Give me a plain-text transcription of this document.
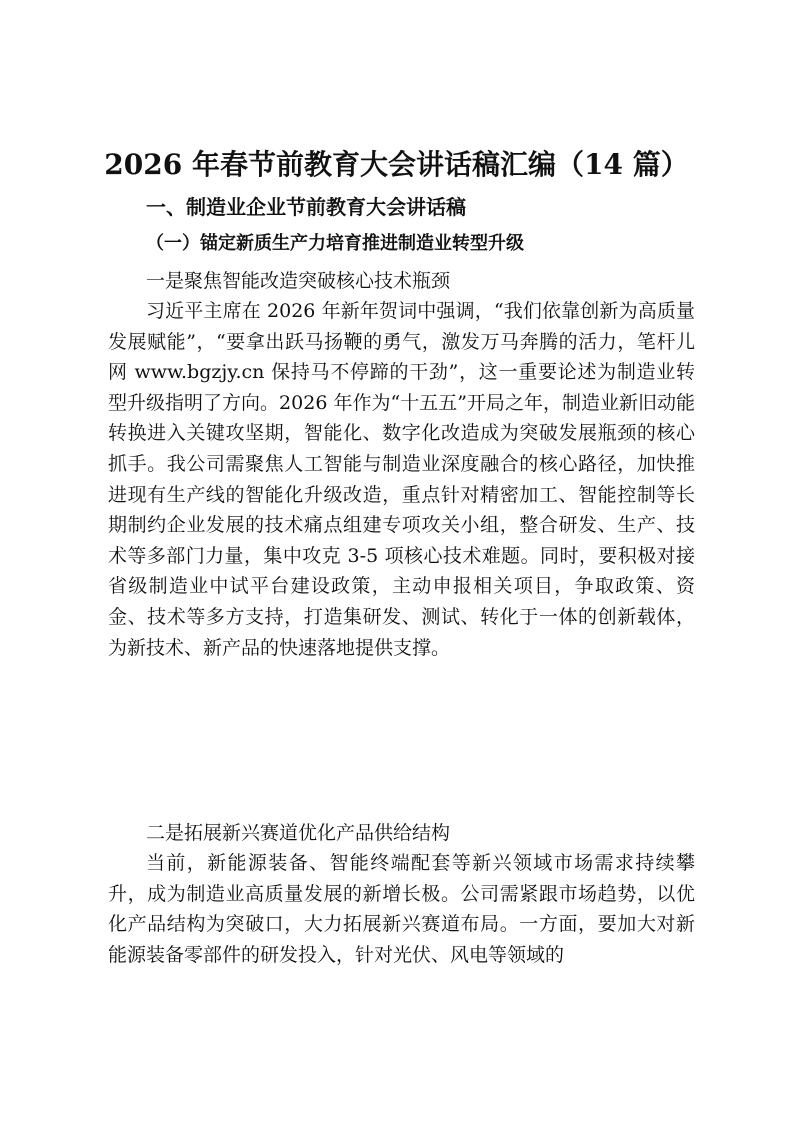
2026 年春节前教育大会讲话稿汇编（14 篇）
一、制造业企业节前教育大会讲话稿
（一）锚定新质生产力培育推进制造业转型升级
一是聚焦智能改造突破核心技术瓶颈
习近平主席在 2026 年新年贺词中强调，“我们依靠创新为高质量发展赋能”，“要拿出跃马扬鞭的勇气，激发万马奔腾的活力，笔杆儿网 www.bgzjy.cn 保持马不停蹄的干劲”，这一重要论述为制造业转型升级指明了方向。2026 年作为“十五五”开局之年，制造业新旧动能转换进入关键攻坚期，智能化、数字化改造成为突破发展瓶颈的核心抓手。我公司需聚焦人工智能与制造业深度融合的核心路径，加快推进现有生产线的智能化升级改造，重点针对精密加工、智能控制等长期制约企业发展的技术痛点组建专项攻关小组，整合研发、生产、技术等多部门力量，集中攻克 3-5 项核心技术难题。同时，要积极对接省级制造业中试平台建设政策，主动申报相关项目，争取政策、资金、技术等多方支持，打造集研发、测试、转化于一体的创新载体，为新技术、新产品的快速落地提供支撑。
二是拓展新兴赛道优化产品供给结构
当前，新能源装备、智能终端配套等新兴领域市场需求持续攀升，成为制造业高质量发展的新增长极。公司需紧跟市场趋势，以优化产品结构为突破口，大力拓展新兴赛道布局。一方面，要加大对新能源装备零部件的研发投入，针对光伏、风电等领域的
